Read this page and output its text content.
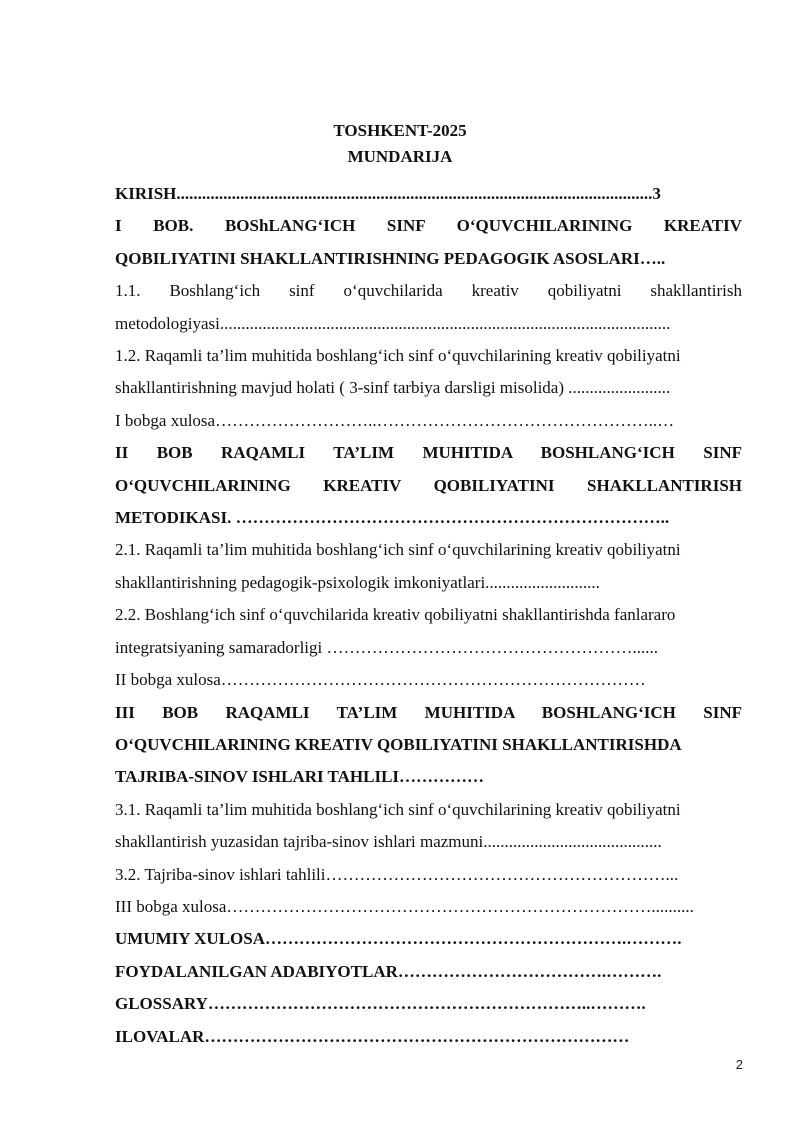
TOSHKENT-2025
MUNDARIJA
KIRISH................................................................................................................3
I BOB. BOShLANG‘ICH SINF O‘QUVCHILARINING KREATIV
QOBILIYATINI SHAKLLANTIRISHNING PEDAGOGIK ASOSLARI…..
1.1. Boshlang‘ich sinf o‘quvchilarida kreativ qobiliyatni shakllantirish
metodologiyasi..........................................................................................................
1.2. Raqamli ta’lim muhitida boshlang‘ich sinf o‘quvchilarining kreativ qobiliyatni
shakllantirishning mavjud holati ( 3-sinf tarbiya darsligi misolida) ........................
I bobga xulosa………………………..…………………………………………..…
II BOB RAQAMLI TA’LIM MUHITIDA BOSHLANG‘ICH SINF
O‘QUVCHILARINING KREATIV QOBILIYATINI SHAKLLANTIRISH
METODIKASI. …………………………………………………………………..
2.1. Raqamli ta’lim muhitida boshlang‘ich sinf o‘quvchilarining kreativ qobiliyatni
shakllantirishning pedagogik-psixologik imkoniyatlari...........................
2.2. Boshlang‘ich sinf o‘quvchilarida kreativ qobiliyatni shakllantirishda fanlararo
integratsiyaning samaradorligi ………………………………………………......
II bobga xulosa…………………………………………………………………
III BOB RAQAMLI TA’LIM MUHITIDA BOSHLANG‘ICH SINF
O‘QUVCHILARINING KREATIV QOBILIYATINI SHAKLLANTIRISHDA
TAJRIBA-SINOV ISHLARI TAHLILI……………
3.1. Raqamli ta’lim muhitida boshlang‘ich sinf o‘quvchilarining kreativ qobiliyatni
shakllantirish yuzasidan tajriba-sinov ishlari mazmuni..........................................
3.2. Tajriba-sinov ishlari tahlili……………………………………………………...
III bobga xulosa…………………………………………………………………..........
UMUMIY XULOSA……………………………………………………….……….
FOYDALANILGAN ADABIYOTLAR……………………………….……….
GLOSSARY…………………………………………………………..……….
ILOVALAR…………………………………………………………………
2
